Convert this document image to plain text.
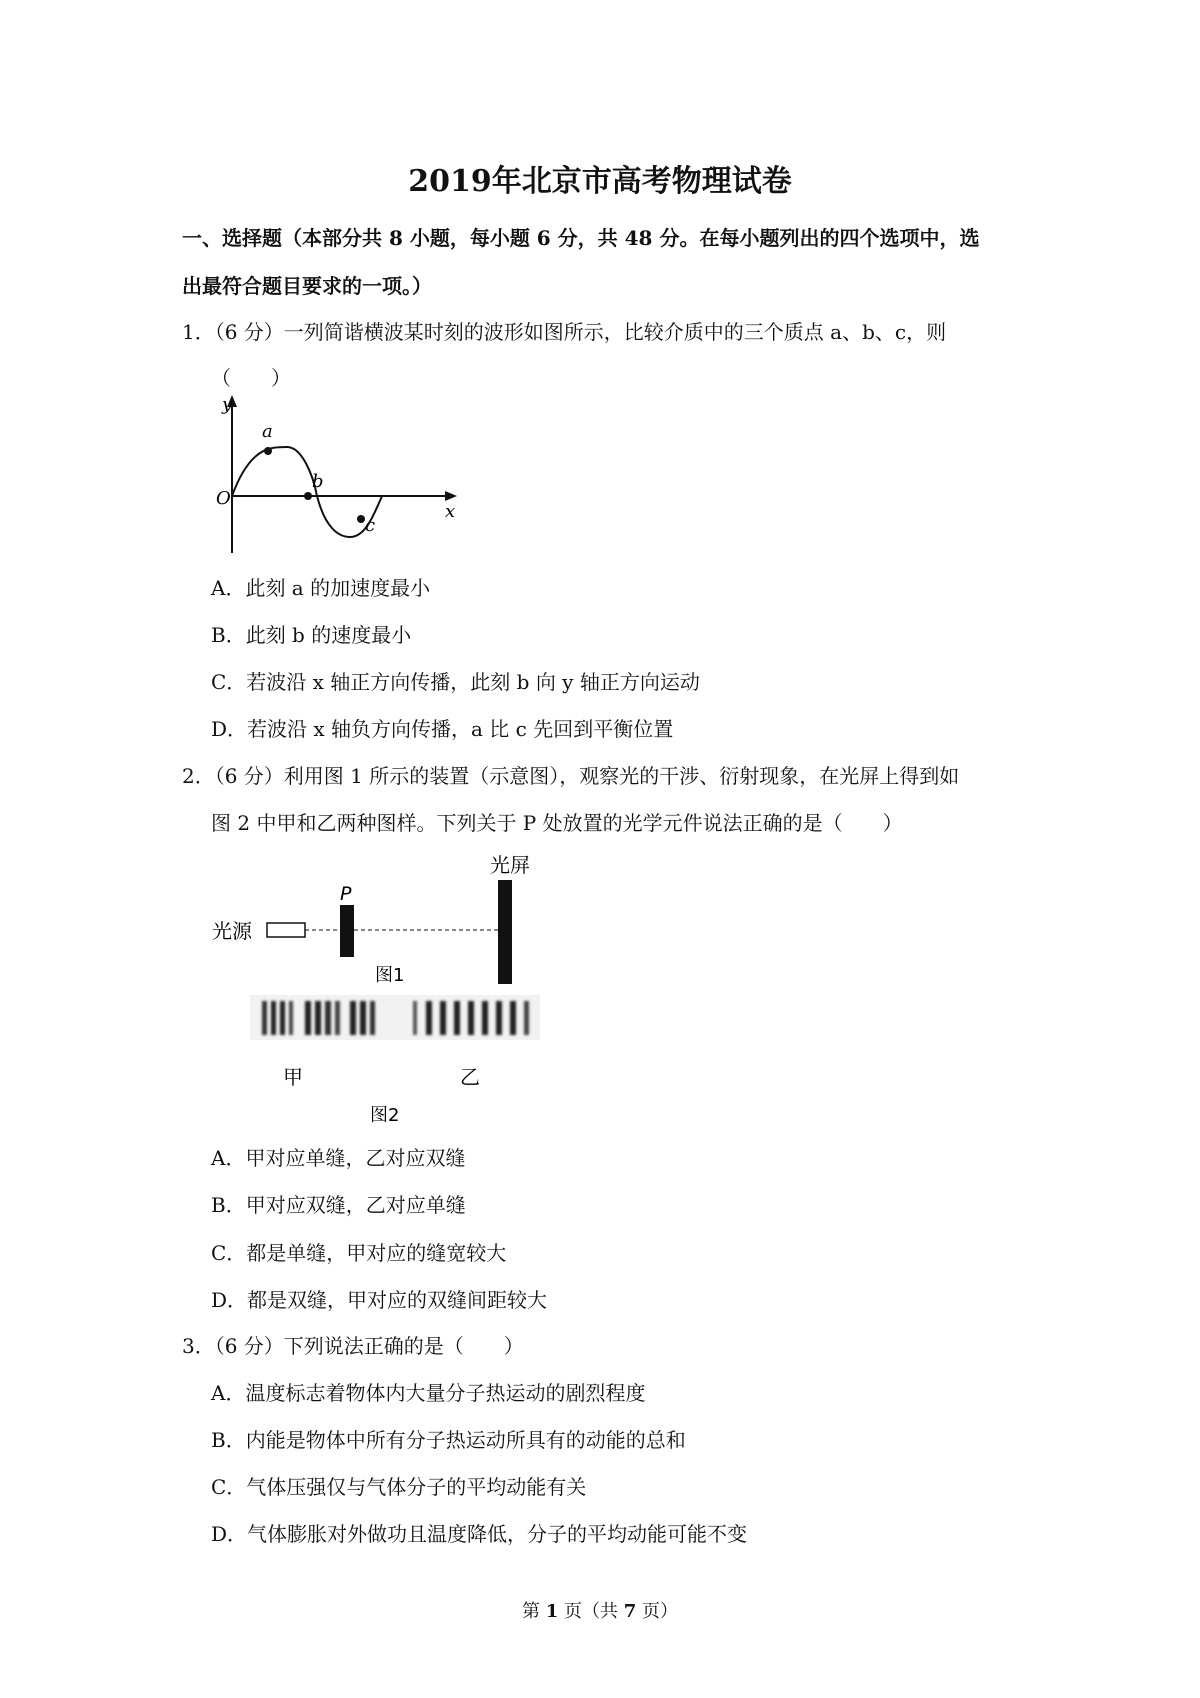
2019年北京市高考物理试卷
一、选择题（本部分共 8 小题，每小题 6 分，共 48 分。在每小题列出的四个选项中，选
出最符合题目要求的一项。）
1．（6 分）一列简谐横波某时刻的波形如图所示，比较介质中的三个质点 a、b、c，则
（　　）
y
x
O
a
b
c
A．此刻 a 的加速度最小
B．此刻 b 的速度最小
C．若波沿 x 轴正方向传播，此刻 b 向 y 轴正方向运动
D．若波沿 x 轴负方向传播，a 比 c 先回到平衡位置
2．（6 分）利用图 1 所示的装置（示意图），观察光的干涉、衍射现象，在光屏上得到如
图 2 中甲和乙两种图样。下列关于 P 处放置的光学元件说法正确的是（　　）
光屏
P
光源
图1
甲	乙
图2
A．甲对应单缝，乙对应双缝
B．甲对应双缝，乙对应单缝
C．都是单缝，甲对应的缝宽较大
D．都是双缝，甲对应的双缝间距较大
3．（6 分）下列说法正确的是（　　）
A．温度标志着物体内大量分子热运动的剧烈程度
B．内能是物体中所有分子热运动所具有的动能的总和
C．气体压强仅与气体分子的平均动能有关
D．气体膨胀对外做功且温度降低，分子的平均动能可能不变
第 1 页（共 7 页）
